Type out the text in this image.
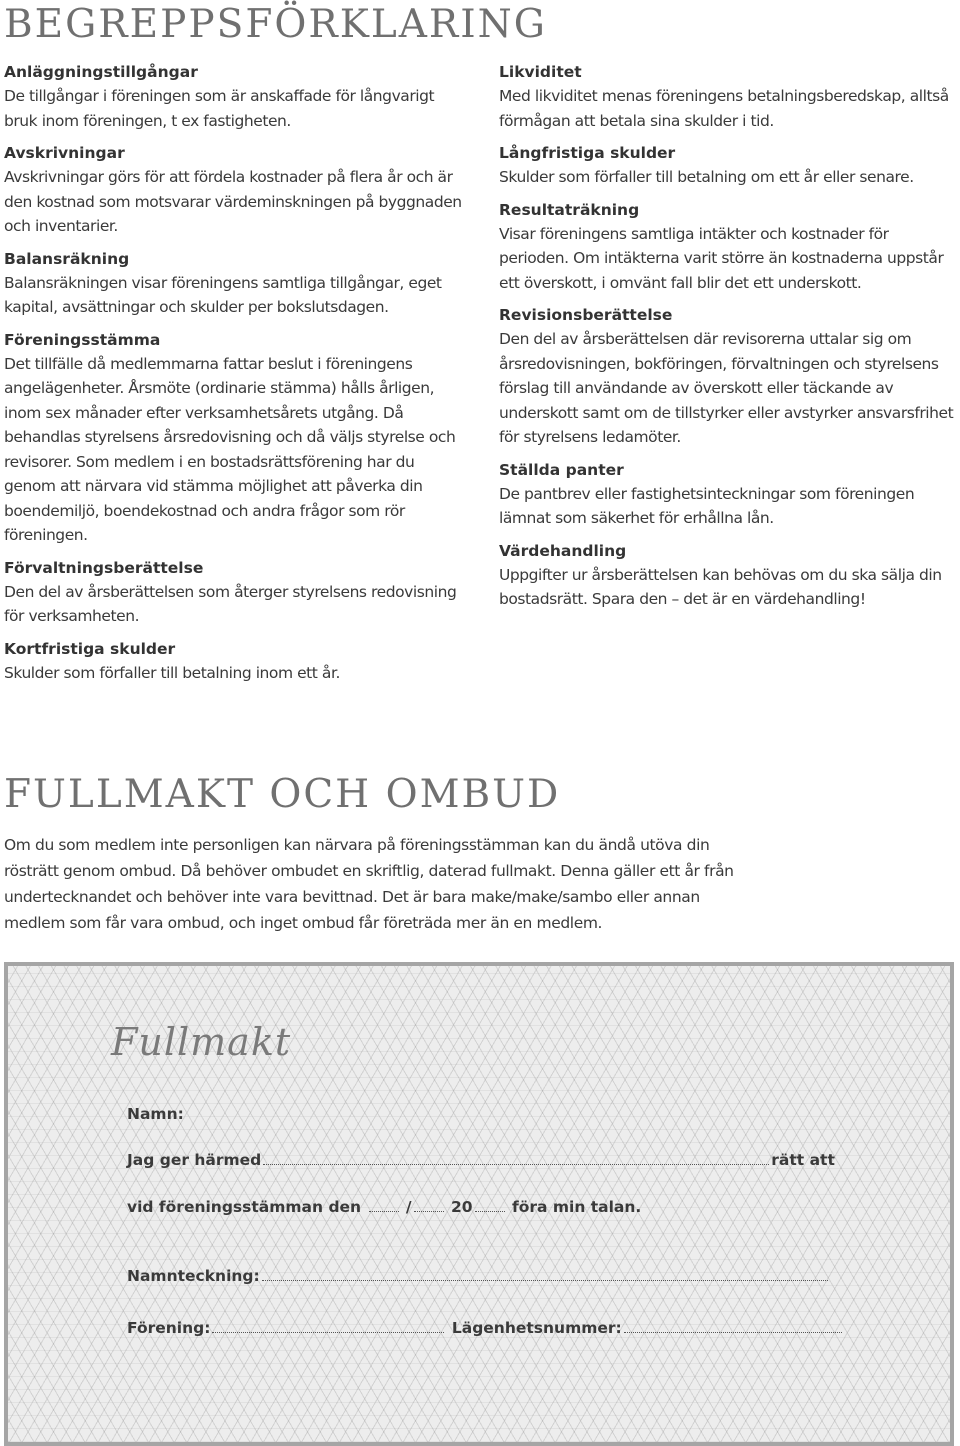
BEGREPPSFÖRKLARING
Anläggningstillgångar
De tillgångar i föreningen som är anskaffade för långvarigt bruk inom föreningen, t ex fastigheten.
Avskrivningar
Avskrivningar görs för att fördela kostnader på flera år och är den kostnad som motsvarar värdeminskningen på byggnaden och inventarier.
Balansräkning
Balansräkningen visar föreningens samtliga tillgångar, eget kapital, avsättningar och skulder per bokslutsdagen.
Föreningsstämma
Det tillfälle då medlemmarna fattar beslut i föreningens angelägenheter. Årsmöte (ordinarie stämma) hålls årligen, inom sex månader efter verksamhetsårets utgång. Då behandlas styrelsens årsredovisning och då väljs styrelse och revisorer. Som medlem i en bostadsrättsförening har du genom att närvara vid stämma möjlighet att påverka din boendemiljö, boendekostnad och andra frågor som rör föreningen.
Förvaltningsberättelse
Den del av årsberättelsen som återger styrelsens redovisning för verksamheten.
Kortfristiga skulder
Skulder som förfaller till betalning inom ett år.
Likviditet
Med likviditet menas föreningens betalningsberedskap, alltså förmågan att betala sina skulder i tid.
Långfristiga skulder
Skulder som förfaller till betalning om ett år eller senare.
Resultaträkning
Visar föreningens samtliga intäkter och kostnader för perioden. Om intäkterna varit större än kostnaderna uppstår ett överskott, i omvänt fall blir det ett underskott.
Revisionsberättelse
Den del av årsberättelsen där revisorerna uttalar sig om årsredovisningen, bokföringen, förvaltningen och styrelsens förslag till användande av överskott eller täckande av underskott samt om de tillstyrker eller avstyrker ansvarsfrihet för styrelsens ledamöter.
Ställda panter
De pantbrev eller fastighetsinteckningar som föreningen lämnat som säkerhet för erhållna lån.
Värdehandling
Uppgifter ur årsberättelsen kan behövas om du ska sälja din bostadsrätt. Spara den – det är en värdehandling!
FULLMAKT OCH OMBUD

Om du som medlem inte personligen kan närvara på föreningsstämman kan du ändå utöva din rösträtt genom ombud. Då behöver ombudet en skriftlig, daterad fullmakt. Denna gäller ett år från undertecknandet och behöver inte vara bevittnad. Det är bara make/make/sambo eller annan medlem som får vara ombud, och inget ombud får företräda mer än en medlem.

Fullmakt
Namn:
Jag ger härmed	rätt att
vid föreningsstämman den	/	20	föra min talan.
Namnteckning:
Förening:	Lägenhetsnummer:
